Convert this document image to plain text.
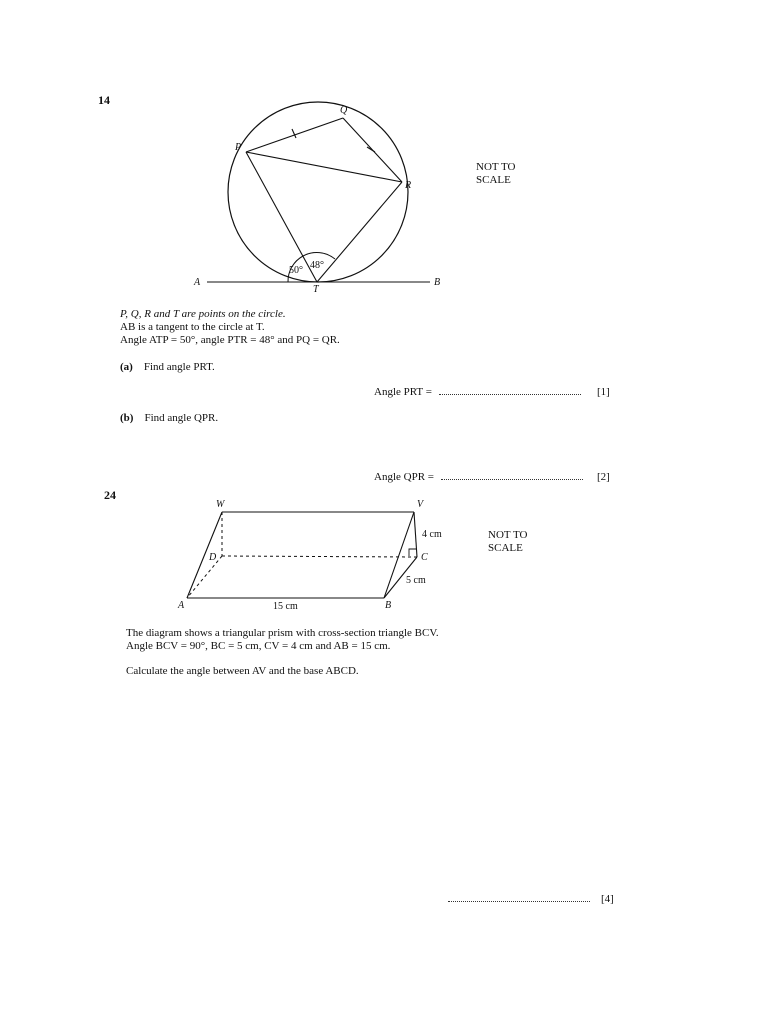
14
50° 48°
P
Q
R
T
A	B
NOT TO
SCALE
P, Q, R and T are points on the circle.
AB is a tangent to the circle at T.
Angle ATP = 50°, angle PTR = 48° and PQ = QR.
(a) Find angle PRT.
Angle PRT =	[1]
(b) Find angle QPR.
Angle QPR =	[2]
24
W	V
D	C
A	B
4 cm
5 cm
15 cm
NOT TO
SCALE
The diagram shows a triangular prism with cross-section triangle BCV.
Angle BCV = 90°, BC = 5 cm, CV = 4 cm and AB = 15 cm.
Calculate the angle between AV and the base ABCD.
[4]
